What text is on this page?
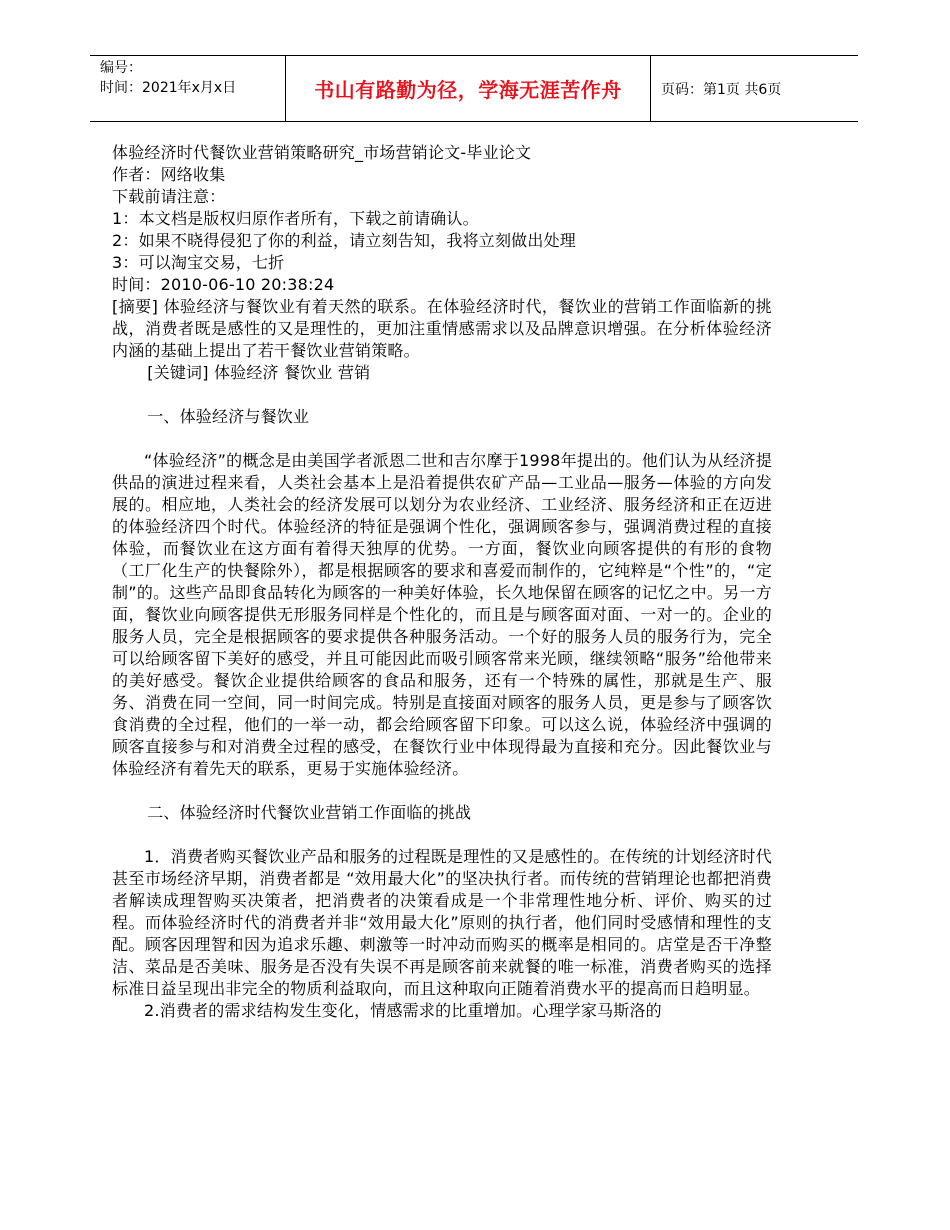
编号：
时间：2021年x月x日	书山有路勤为径，学海无涯苦作舟	页码：第1页 共6页

体验经济时代餐饮业营销策略研究_市场营销论文-毕业论文

作者：网络收集

下载前请注意：

1：本文档是版权归原作者所有，下载之前请确认。

2：如果不晓得侵犯了你的利益，请立刻告知，我将立刻做出处理

3：可以淘宝交易，七折

时间：2010-06-10 20:38:24

[摘要] 体验经济与餐饮业有着天然的联系。在体验经济时代，餐饮业的营销工作面临新的挑战，消费者既是感性的又是理性的，更加注重情感需求以及品牌意识增强。在分析体验经济内涵的基础上提出了若干餐饮业营销策略。

[关键词] 体验经济 餐饮业 营销

一、体验经济与餐饮业

“体验经济”的概念是由美国学者派恩二世和吉尔摩于1998年提出的。他们认为从经济提供品的演进过程来看，人类社会基本上是沿着提供农矿产品—工业品—服务—体验的方向发展的。相应地，人类社会的经济发展可以划分为农业经济、工业经济、服务经济和正在迈进的体验经济四个时代。体验经济的特征是强调个性化，强调顾客参与，强调消费过程的直接体验，而餐饮业在这方面有着得天独厚的优势。一方面，餐饮业向顾客提供的有形的食物（工厂化生产的快餐除外），都是根据顾客的要求和喜爱而制作的，它纯粹是“个性”的，“定制”的。这些产品即食品转化为顾客的一种美好体验，长久地保留在顾客的记忆之中。另一方面，餐饮业向顾客提供无形服务同样是个性化的，而且是与顾客面对面、一对一的。企业的服务人员，完全是根据顾客的要求提供各种服务活动。一个好的服务人员的服务行为，完全可以给顾客留下美好的感受，并且可能因此而吸引顾客常来光顾，继续领略“服务”给他带来的美好感受。餐饮企业提供给顾客的食品和服务，还有一个特殊的属性，那就是生产、服务、消费在同一空间，同一时间完成。特别是直接面对顾客的服务人员，更是参与了顾客饮食消费的全过程，他们的一举一动，都会给顾客留下印象。可以这么说，体验经济中强调的顾客直接参与和对消费全过程的感受，在餐饮行业中体现得最为直接和充分。因此餐饮业与体验经济有着先天的联系，更易于实施体验经济。

二、体验经济时代餐饮业营销工作面临的挑战

1．消费者购买餐饮业产品和服务的过程既是理性的又是感性的。在传统的计划经济时代甚至市场经济早期，消费者都是 “效用最大化”的坚决执行者。而传统的营销理论也都把消费者解读成理智购买决策者，把消费者的决策看成是一个非常理性地分析、评价、购买的过程。而体验经济时代的消费者并非“效用最大化”原则的执行者，他们同时受感情和理性的支配。顾客因理智和因为追求乐趣、刺激等一时冲动而购买的概率是相同的。店堂是否干净整洁、菜品是否美味、服务是否没有失误不再是顾客前来就餐的唯一标准，消费者购买的选择标准日益呈现出非完全的物质利益取向，而且这种取向正随着消费水平的提高而日趋明显。

2.消费者的需求结构发生变化，情感需求的比重增加。心理学家马斯洛的
